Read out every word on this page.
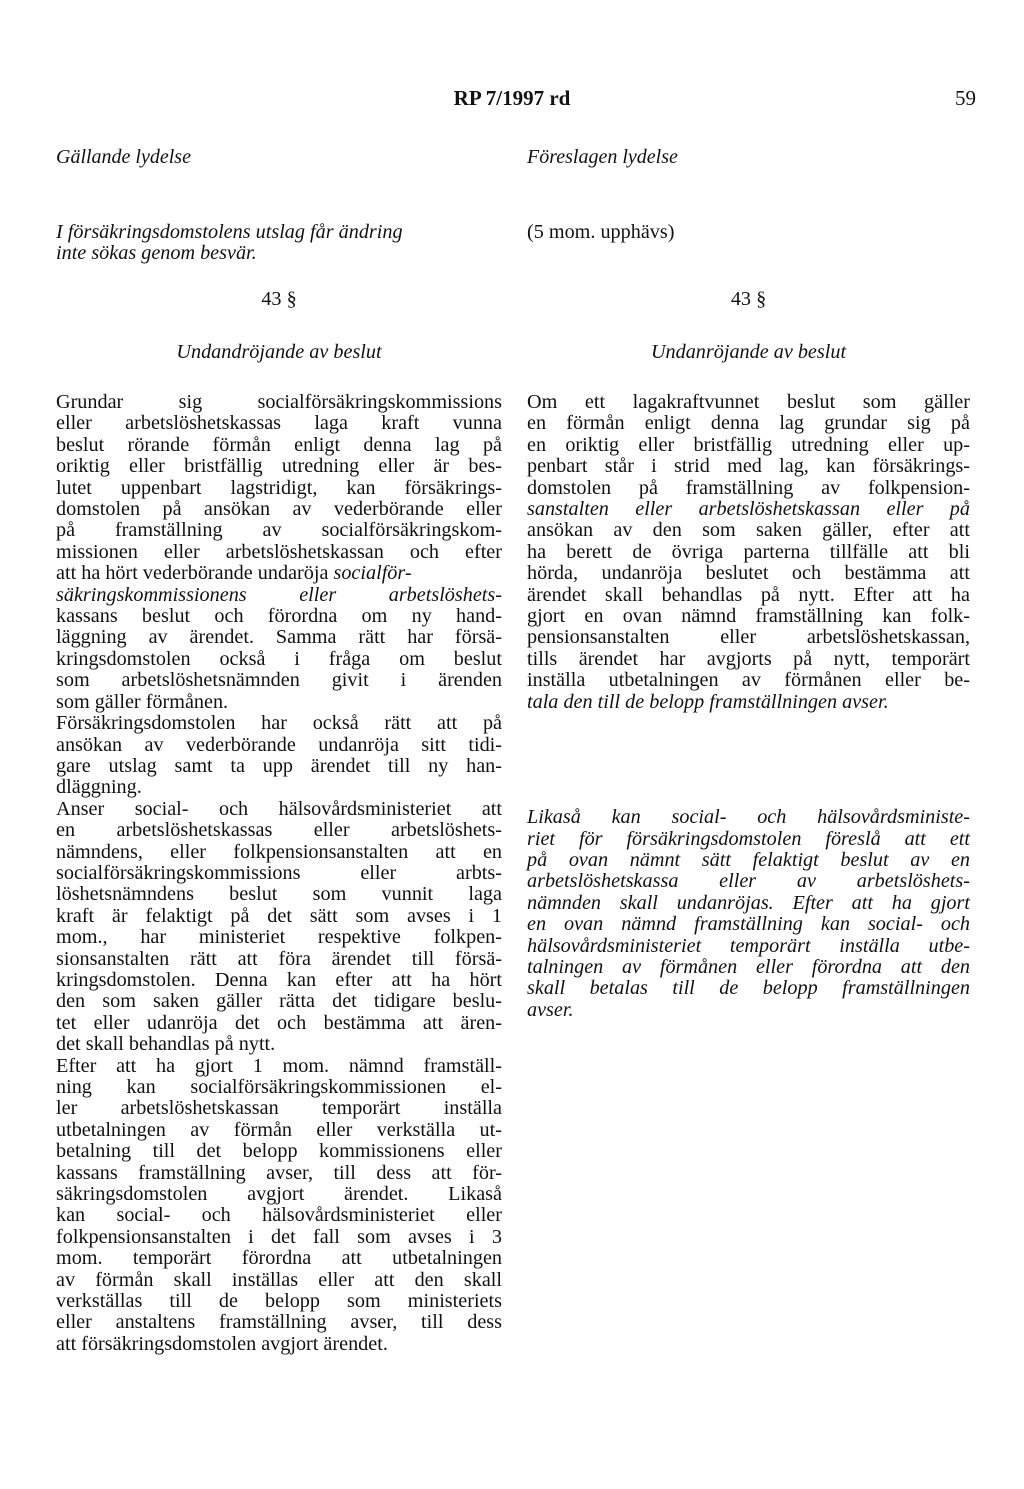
RP 7/1997 rd	59
Gällande lydelse	Föreslagen lydelse
I försäkringsdomstolens utslag får ändring
inte sökas genom besvär.
43 §
Undandröjande av beslut
Grundar sig socialförsäkringskommissions
eller arbetslöshetskassas laga kraft vunna
beslut rörande förmån enligt denna lag på
oriktig eller bristfällig utredning eller är bes-
lutet uppenbart lagstridigt, kan försäkrings-
domstolen på ansökan av vederbörande eller
på framställning av socialförsäkringskom-
missionen eller arbetslöshetskassan och efter
att ha hört vederbörande undaröja socialför-
säkringskommissionens eller arbetslöshets-
kassans beslut och förordna om ny hand-
läggning av ärendet. Samma rätt har försä-
kringsdomstolen också i fråga om beslut
som arbetslöshetsnämnden givit i ärenden
som gäller förmånen.
Försäkringsdomstolen har också rätt att på
ansökan av vederbörande undanröja sitt tidi-
gare utslag samt ta upp ärendet till ny han-
dläggning.
Anser social- och hälsovårdsministeriet att
en arbetslöshetskassas eller arbetslöshets-
nämndens, eller folkpensionsanstalten att en
socialförsäkringskommissions eller arbts-
löshetsnämndens beslut som vunnit laga
kraft är felaktigt på det sätt som avses i 1
mom., har ministeriet respektive folkpen-
sionsanstalten rätt att föra ärendet till försä-
kringsdomstolen. Denna kan efter att ha hört
den som saken gäller rätta det tidigare beslu-
tet eller udanröja det och bestämma att ären-
det skall behandlas på nytt.
Efter att ha gjort 1 mom. nämnd framställ-
ning kan socialförsäkringskommissionen el-
ler arbetslöshetskassan temporärt inställa
utbetalningen av förmån eller verkställa ut-
betalning till det belopp kommissionens eller
kassans framställning avser, till dess att för-
säkringsdomstolen avgjort ärendet. Likaså
kan social- och hälsovårdsministeriet eller
folkpensionsanstalten i det fall som avses i 3
mom. temporärt förordna att utbetalningen
av förmån skall inställas eller att den skall
verkställas till de belopp som ministeriets
eller anstaltens framställning avser, till dess
att försäkringsdomstolen avgjort ärendet.
(5 mom. upphävs)
43 §
Undanröjande av beslut
Om ett lagakraftvunnet beslut som gäller
en förmån enligt denna lag grundar sig på
en oriktig eller bristfällig utredning eller up-
penbart står i strid med lag, kan försäkrings-
domstolen på framställning av folkpension-
sanstalten eller arbetslöshetskassan eller på
ansökan av den som saken gäller, efter att
ha berett de övriga parterna tillfälle att bli
hörda, undanröja beslutet och bestämma att
ärendet skall behandlas på nytt. Efter att ha
gjort en ovan nämnd framställning kan folk-
pensionsanstalten eller arbetslöshetskassan,
tills ärendet har avgjorts på nytt, temporärt
inställa utbetalningen av förmånen eller be-
tala den till de belopp framställningen avser.
Likaså kan social- och hälsovårdsministe-
riet för försäkringsdomstolen föreslå att ett
på ovan nämnt sätt felaktigt beslut av en
arbetslöshetskassa eller av arbetslöshets-
nämnden skall undanröjas. Efter att ha gjort
en ovan nämnd framställning kan social- och
hälsovårdsministeriet temporärt inställa utbe-
talningen av förmånen eller förordna att den
skall betalas till de belopp framställningen
avser.
